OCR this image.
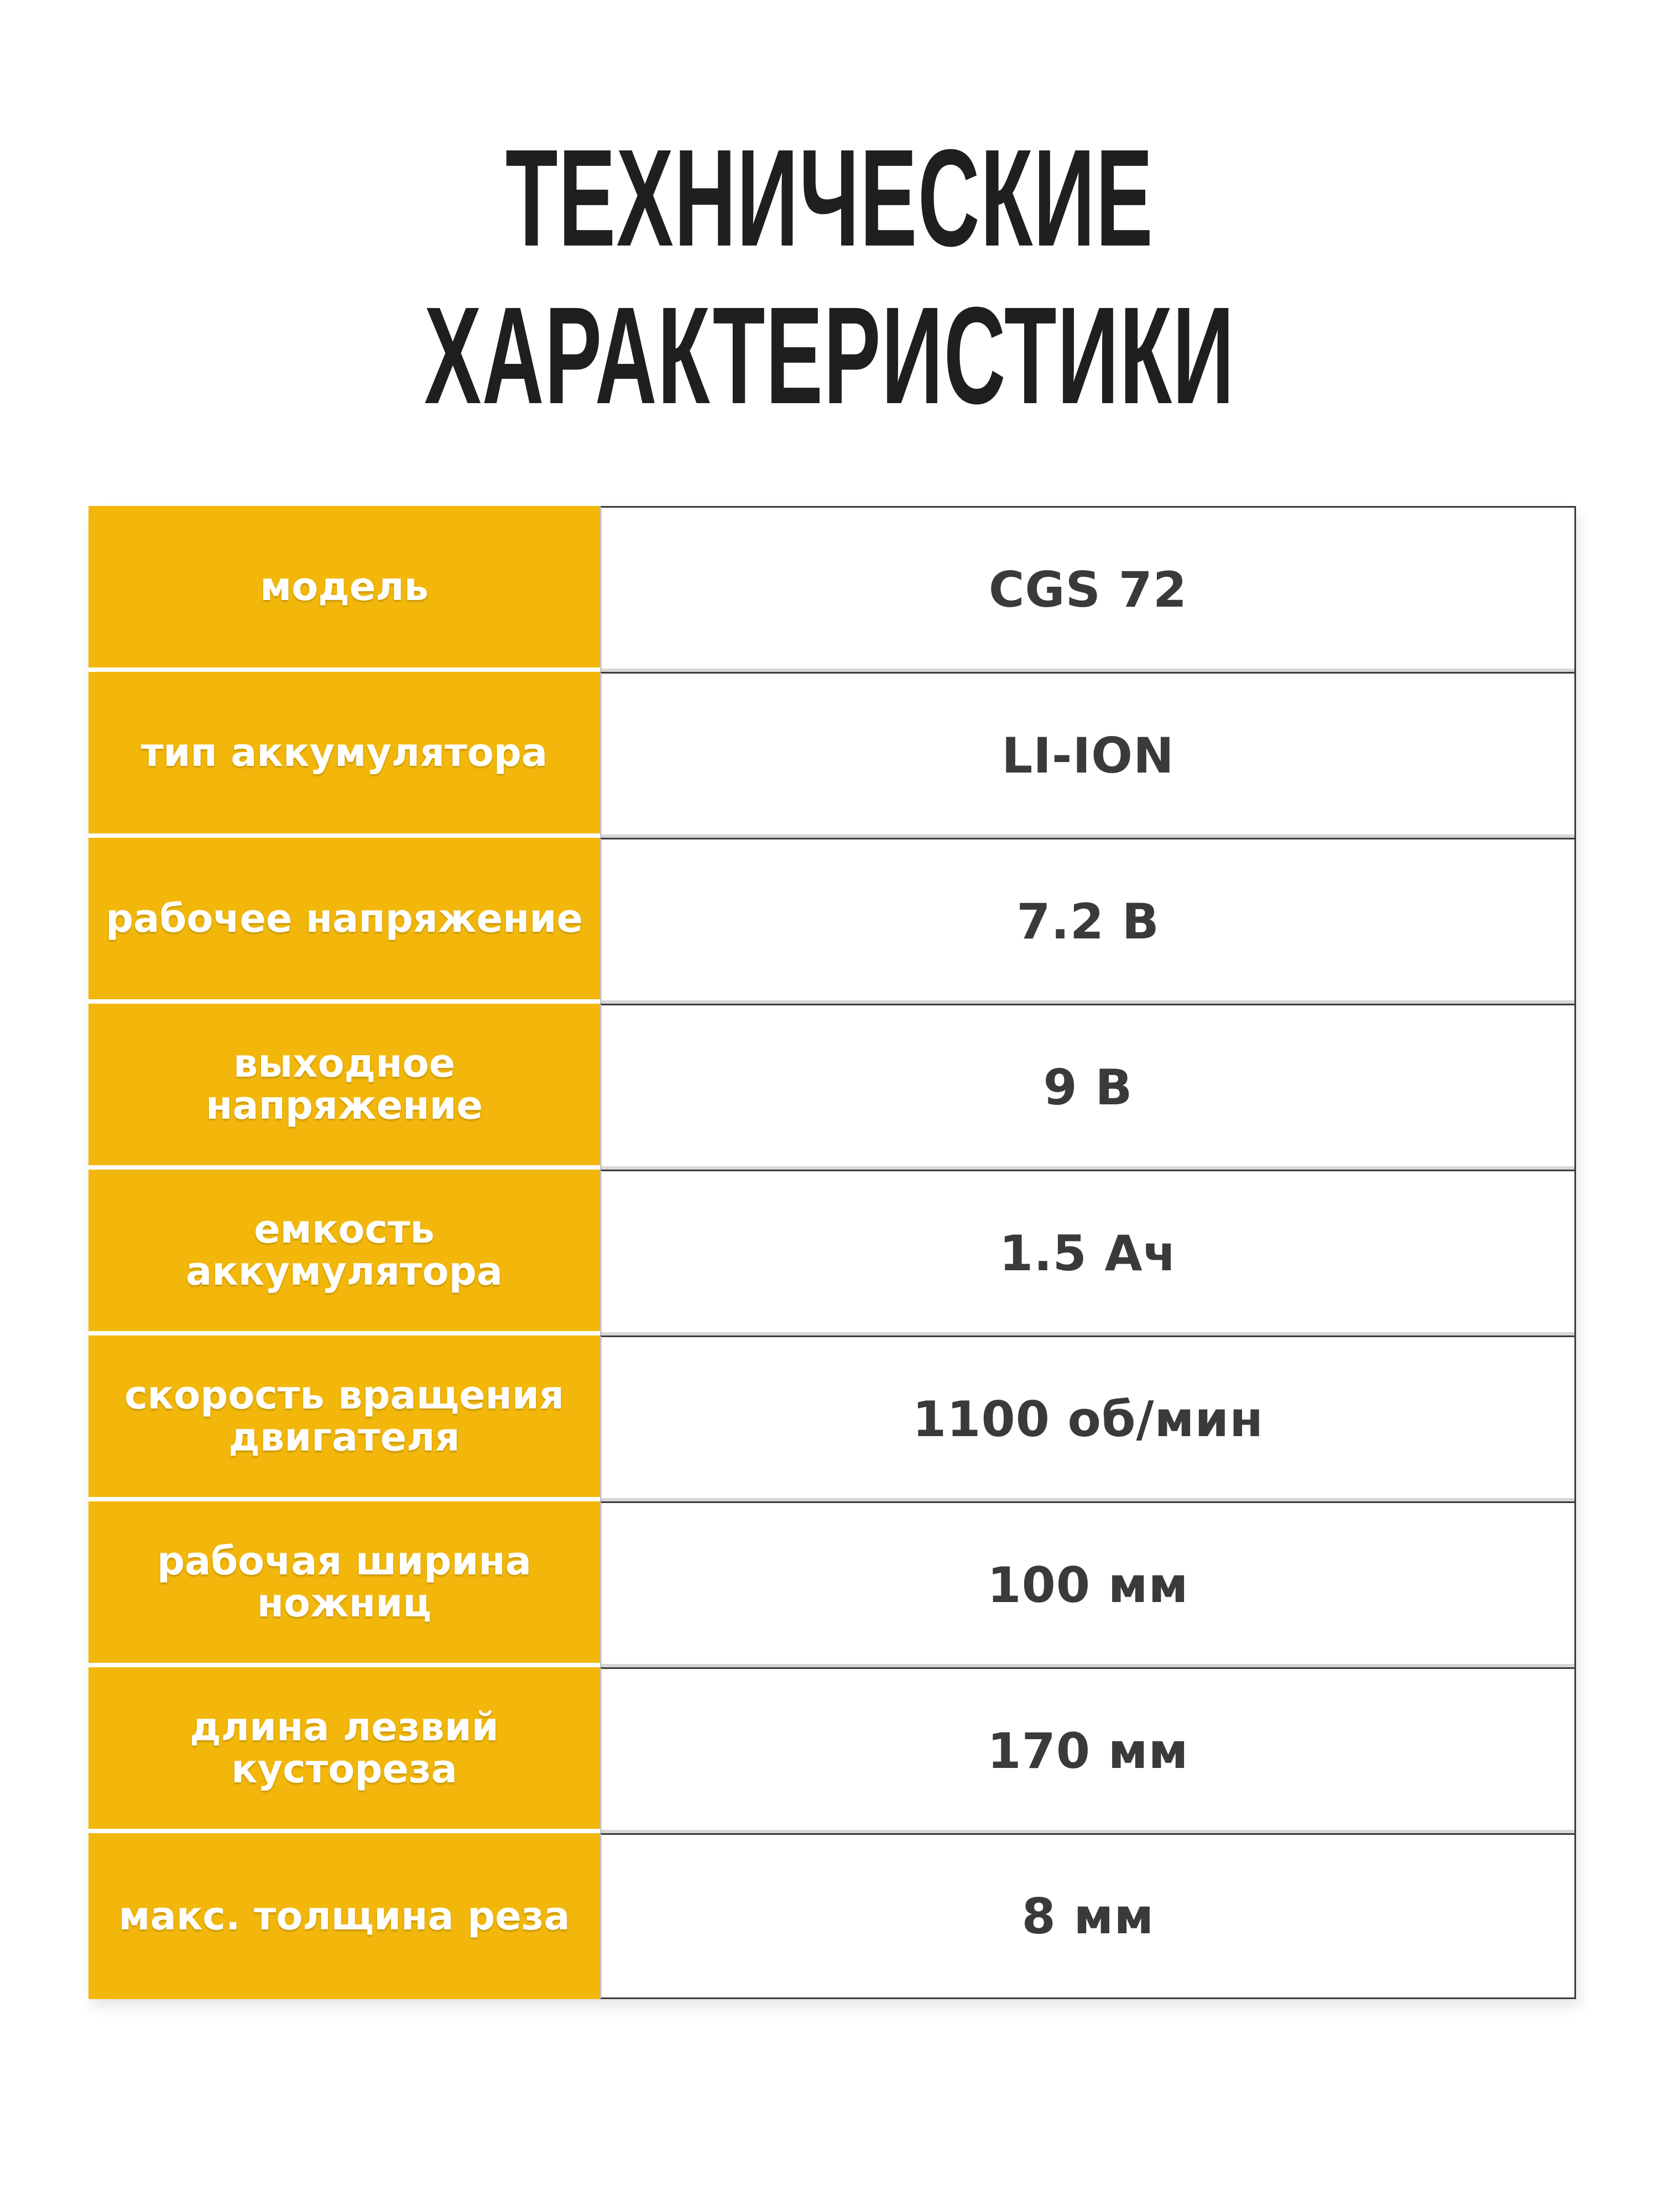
ТЕХНИЧЕСКИЕ
ХАРАКТЕРИСТИКИ
модель	CGS 72
тип аккумулятора	LI-ION
рабочее напряжение	7.2 В
выходное напряжение	9 В
емкость аккумулятора	1.5 Ач
скорость вращения двигателя	1100 об/мин
рабочая ширина ножниц	100 мм
длина лезвий кустореза	170 мм
макс. толщина реза	8 мм
